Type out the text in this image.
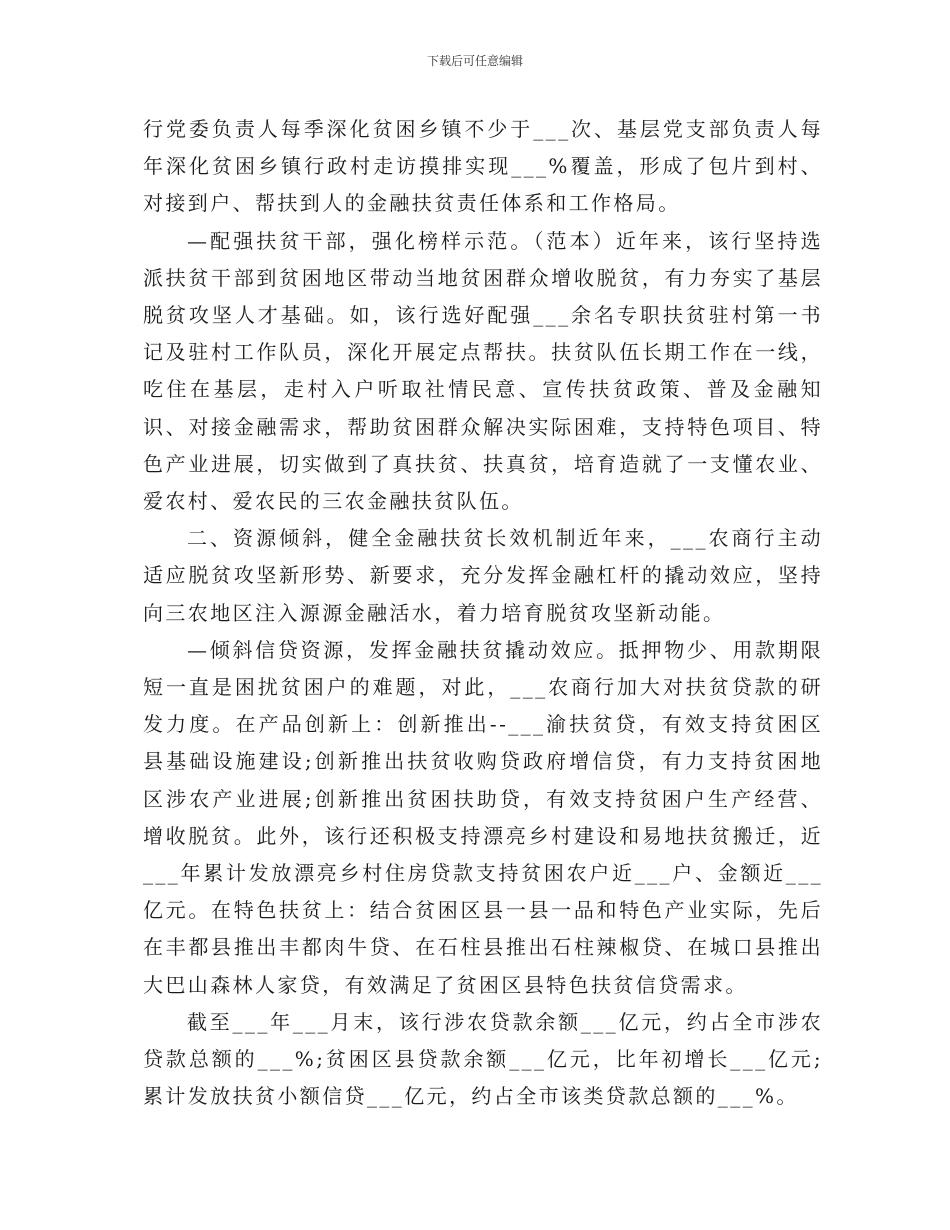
下载后可任意编辑

行党委负责人每季深化贫困乡镇不少于___次、基层党支部负责人每年深化贫困乡镇行政村走访摸排实现___%覆盖，形成了包片到村、对接到户、帮扶到人的金融扶贫责任体系和工作格局。

—配强扶贫干部，强化榜样示范。（范本）近年来，该行坚持选派扶贫干部到贫困地区带动当地贫困群众增收脱贫，有力夯实了基层脱贫攻坚人才基础。如，该行选好配强___余名专职扶贫驻村第一书记及驻村工作队员，深化开展定点帮扶。扶贫队伍长期工作在一线，吃住在基层，走村入户听取社情民意、宣传扶贫政策、普及金融知识、对接金融需求，帮助贫困群众解决实际困难，支持特色项目、特色产业进展，切实做到了真扶贫、扶真贫，培育造就了一支懂农业、爱农村、爱农民的三农金融扶贫队伍。

二、资源倾斜，健全金融扶贫长效机制近年来，___农商行主动适应脱贫攻坚新形势、新要求，充分发挥金融杠杆的撬动效应，坚持向三农地区注入源源金融活水，着力培育脱贫攻坚新动能。

—倾斜信贷资源，发挥金融扶贫撬动效应。抵押物少、用款期限短一直是困扰贫困户的难题，对此，___农商行加大对扶贫贷款的研发力度。在产品创新上：创新推出--___渝扶贫贷，有效支持贫困区县基础设施建设;创新推出扶贫收购贷政府增信贷，有力支持贫困地区涉农产业进展;创新推出贫困扶助贷，有效支持贫困户生产经营、增收脱贫。此外，该行还积极支持漂亮乡村建设和易地扶贫搬迁，近___年累计发放漂亮乡村住房贷款支持贫困农户近___户、金额近___亿元。在特色扶贫上：结合贫困区县一县一品和特色产业实际，先后在丰都县推出丰都肉牛贷、在石柱县推出石柱辣椒贷、在城口县推出大巴山森林人家贷，有效满足了贫困区县特色扶贫信贷需求。

截至___年___月末，该行涉农贷款余额___亿元，约占全市涉农贷款总额的___%;贫困区县贷款余额___亿元，比年初增长___亿元;累计发放扶贫小额信贷___亿元，约占全市该类贷款总额的___%。
